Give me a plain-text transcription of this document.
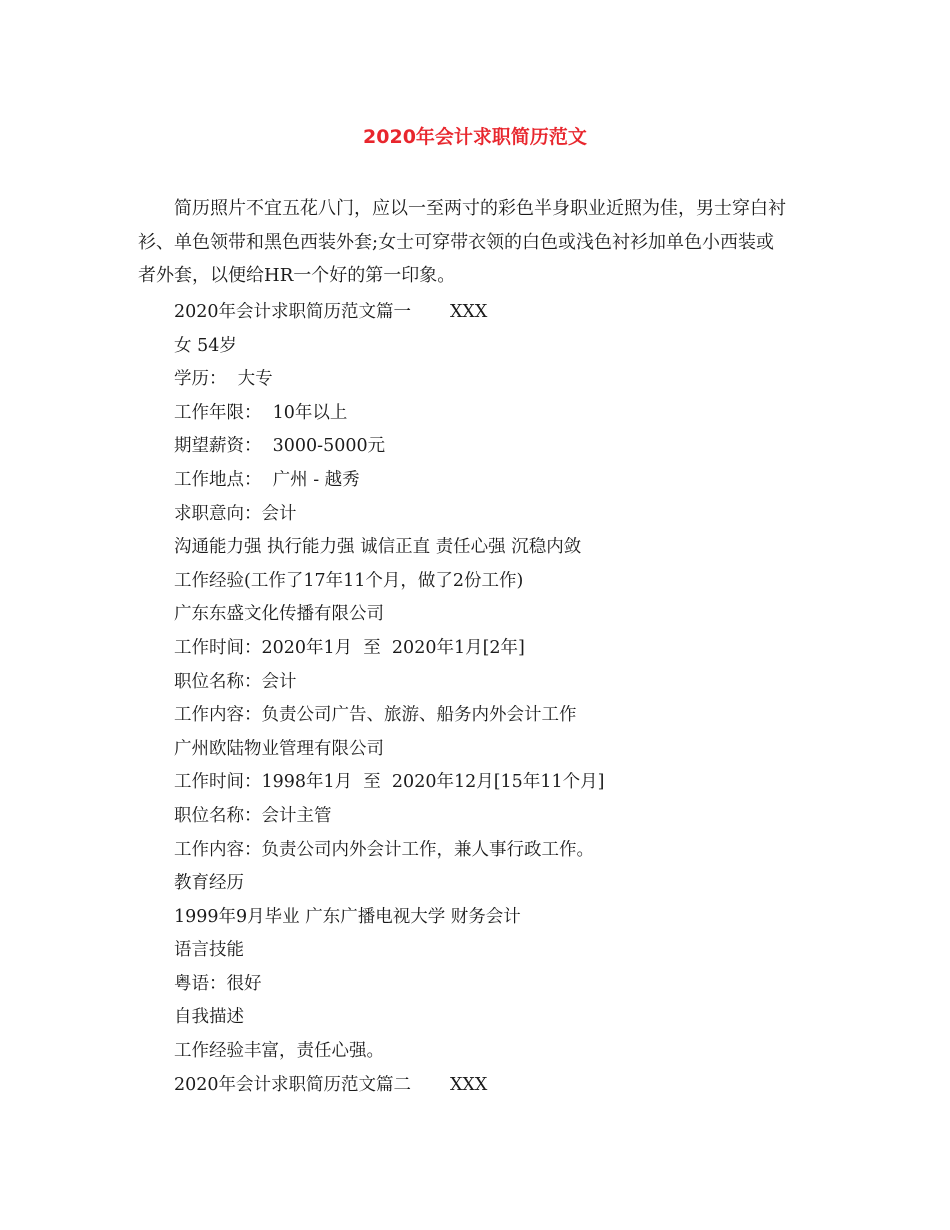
2020年会计求职简历范文

简历照片不宜五花八门，应以一至两寸的彩色半身职业近照为佳，男士穿白衬

衫、单色领带和黑色西装外套;女士可穿带衣领的白色或浅色衬衫加单色小西装或

者外套，以便给HR一个好的第一印象。

2020年会计求职简历范文篇一       XXX

女 54岁

学历：  大专

工作年限：  10年以上

期望薪资：  3000-5000元

工作地点：  广州 - 越秀

求职意向：会计

沟通能力强 执行能力强 诚信正直 责任心强 沉稳内敛

工作经验(工作了17年11个月，做了2份工作)

广东东盛文化传播有限公司

工作时间：2020年1月  至  2020年1月[2年]

职位名称：会计

工作内容：负责公司广告、旅游、船务内外会计工作

广州欧陆物业管理有限公司

工作时间：1998年1月  至  2020年12月[15年11个月]

职位名称：会计主管

工作内容：负责公司内外会计工作，兼人事行政工作。

教育经历

1999年9月毕业 广东广播电视大学 财务会计

语言技能

粤语：很好

自我描述

工作经验丰富，责任心强。

2020年会计求职简历范文篇二       XXX
